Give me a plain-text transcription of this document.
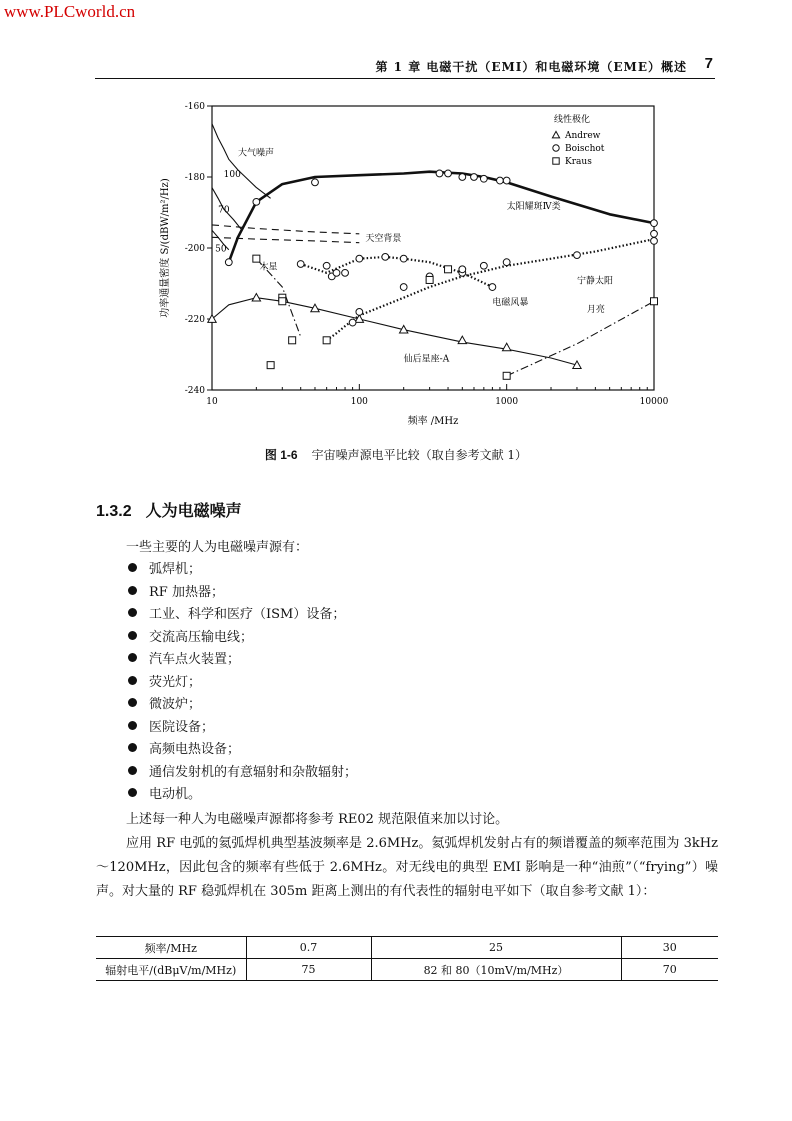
www.PLCworld.cn
第 1 章 电磁干扰（EMI）和电磁环境（EME）概述 7
10	100	1000	10000
-160
-180
-200
-220
-240
频率 /MHz
功率通量密度 S/(dBW/m²/Hz)
大气噪声
100
70
50
天空背景
木星
太阳耀斑Ⅳ类
宁静太阳
电磁风暴
月亮
仙后星座-A
线性极化
Andrew
Boischot
Kraus
图 1-6 宇宙噪声源电平比较（取自参考文献 1）
1.3.2 人为电磁噪声
一些主要的人为电磁噪声源有：
弧焊机；
RF 加热器；
工业、科学和医疗（ISM）设备；
交流高压输电线；
汽车点火装置；
荧光灯；
微波炉；
医院设备；
高频电热设备；
通信发射机的有意辐射和杂散辐射；
电动机。
上述每一种人为电磁噪声源都将参考 RE02 规范限值来加以讨论。
应用 RF 电弧的氦弧焊机典型基波频率是 2.6MHz。氦弧焊机发射占有的频谱覆盖的频率范围为 3kHz～120MHz，因此包含的频率有些低于 2.6MHz。对无线电的典型 EMI 影响是一种“油煎”（“frying”）噪声。对大量的 RF 稳弧焊机在 305m 距离上测出的有代表性的辐射电平如下（取自参考文献 1）：
频率/MHz	0.7	25	30
辐射电平/(dBμV/m/MHz)	75	82 和 80（10mV/m/MHz）	70
